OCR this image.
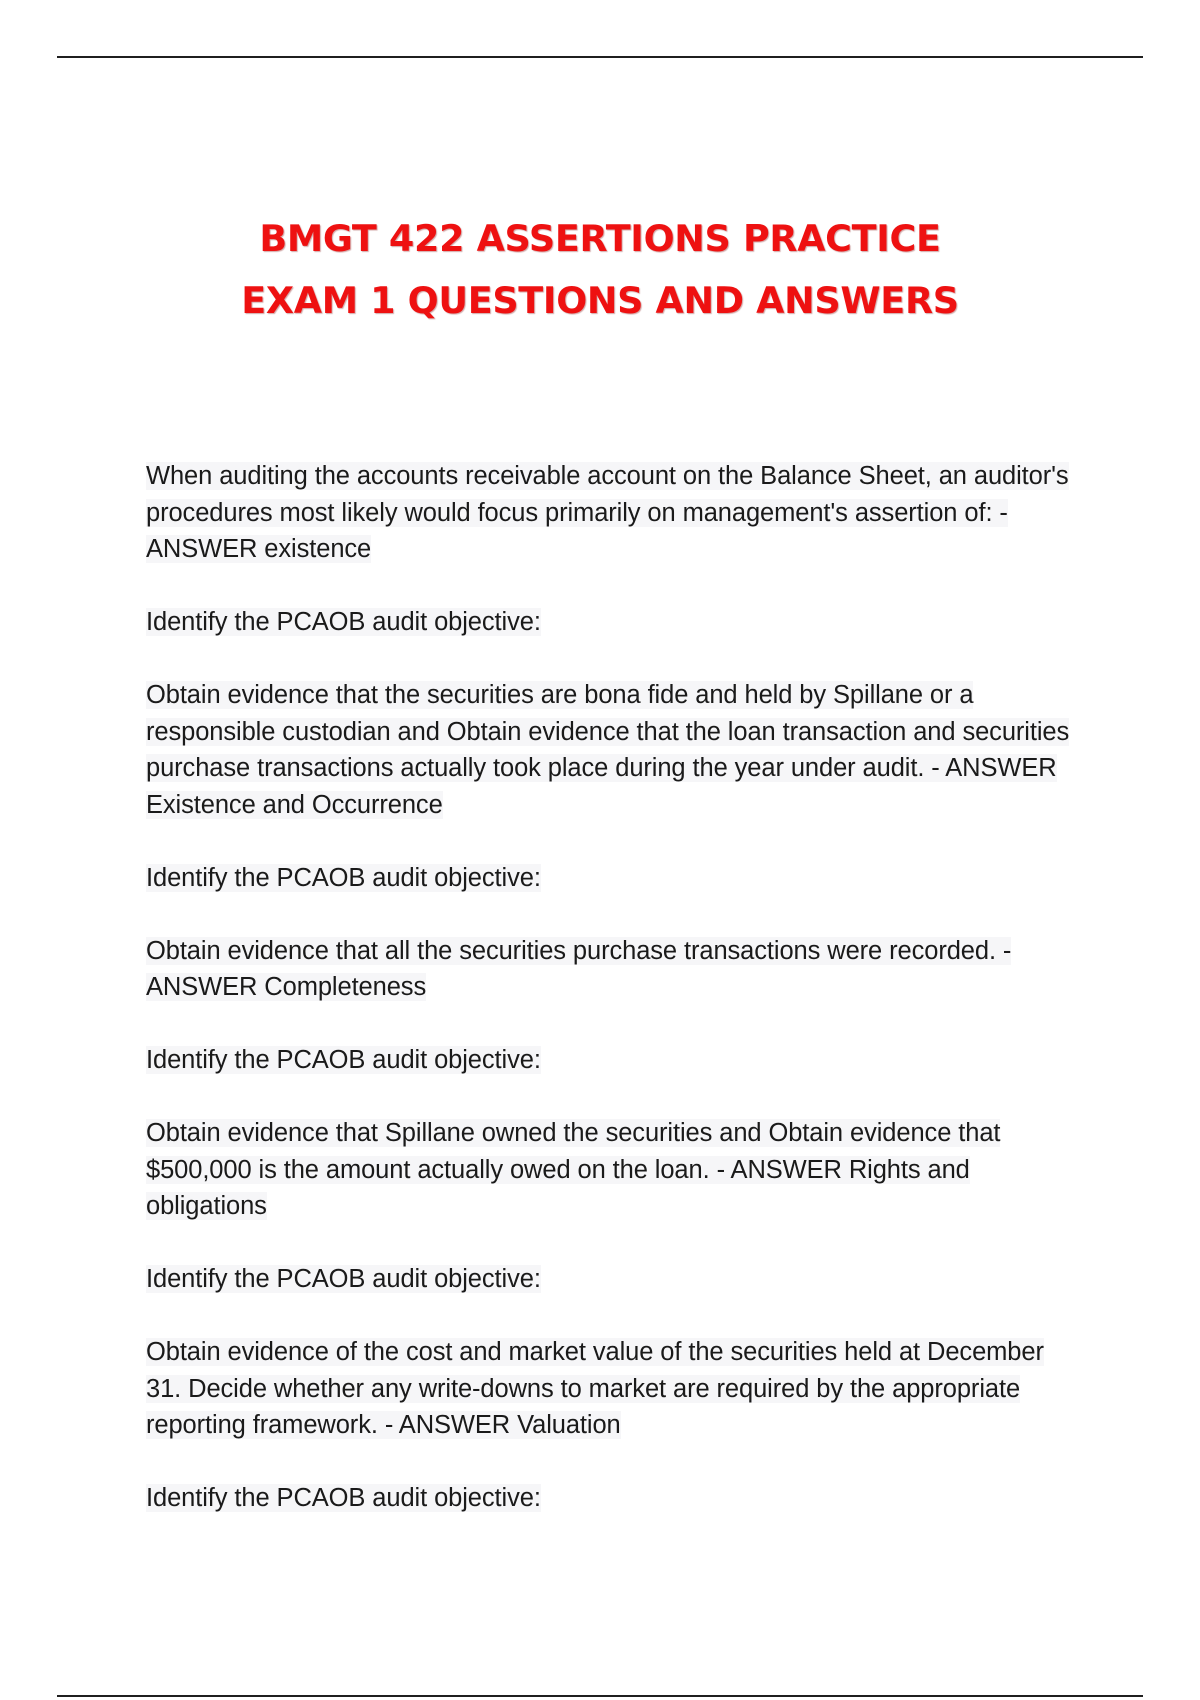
BMGT 422 ASSERTIONS PRACTICE
EXAM 1 QUESTIONS AND ANSWERS

When auditing the accounts receivable account on the Balance Sheet, an auditor's procedures most likely would focus primarily on management's assertion of: - ANSWER existence

Identify the PCAOB audit objective:

Obtain evidence that the securities are bona fide and held by Spillane or a responsible custodian and Obtain evidence that the loan transaction and securities purchase transactions actually took place during the year under audit. - ANSWER Existence and Occurrence

Identify the PCAOB audit objective:

Obtain evidence that all the securities purchase transactions were recorded. - ANSWER Completeness

Identify the PCAOB audit objective:

Obtain evidence that Spillane owned the securities and Obtain evidence that $500,000 is the amount actually owed on the loan. - ANSWER Rights and obligations

Identify the PCAOB audit objective:

Obtain evidence of the cost and market value of the securities held at December 31. Decide whether any write-downs to market are required by the appropriate reporting framework. - ANSWER Valuation

Identify the PCAOB audit objective:
